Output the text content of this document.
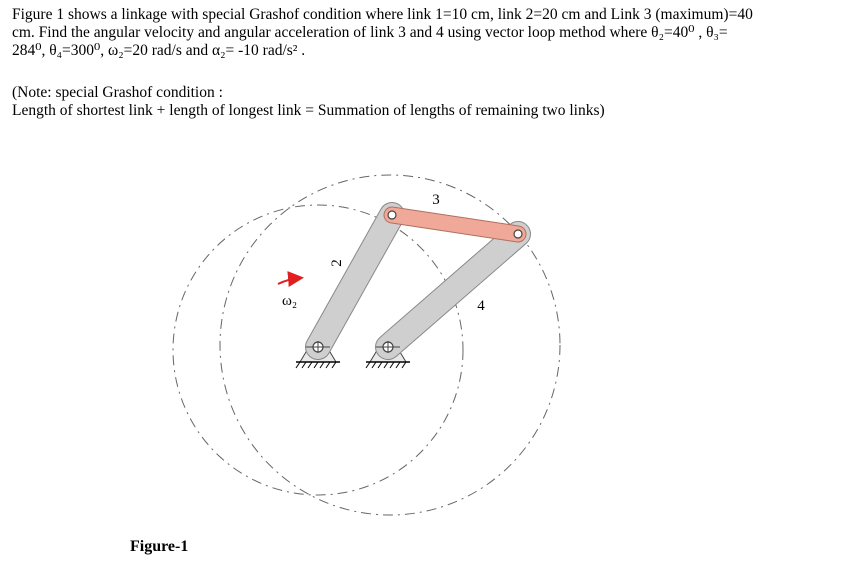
Figure 1 shows a linkage with special Grashof condition where link 1=10 cm, link 2=20 cm and Link 3 (maximum)=40

cm. Find the angular velocity and angular acceleration of link 3 and 4 using vector loop method where θ₂=40⁰ , θ₃=

284⁰, θ₄=300⁰, ω₂=20 rad/s and α₂= -10 rad/s² .

(Note: special Grashof condition :

Length of shortest link + length of longest link = Summation of lengths of remaining two links)

2
3
4
ω₂
Figure-1
